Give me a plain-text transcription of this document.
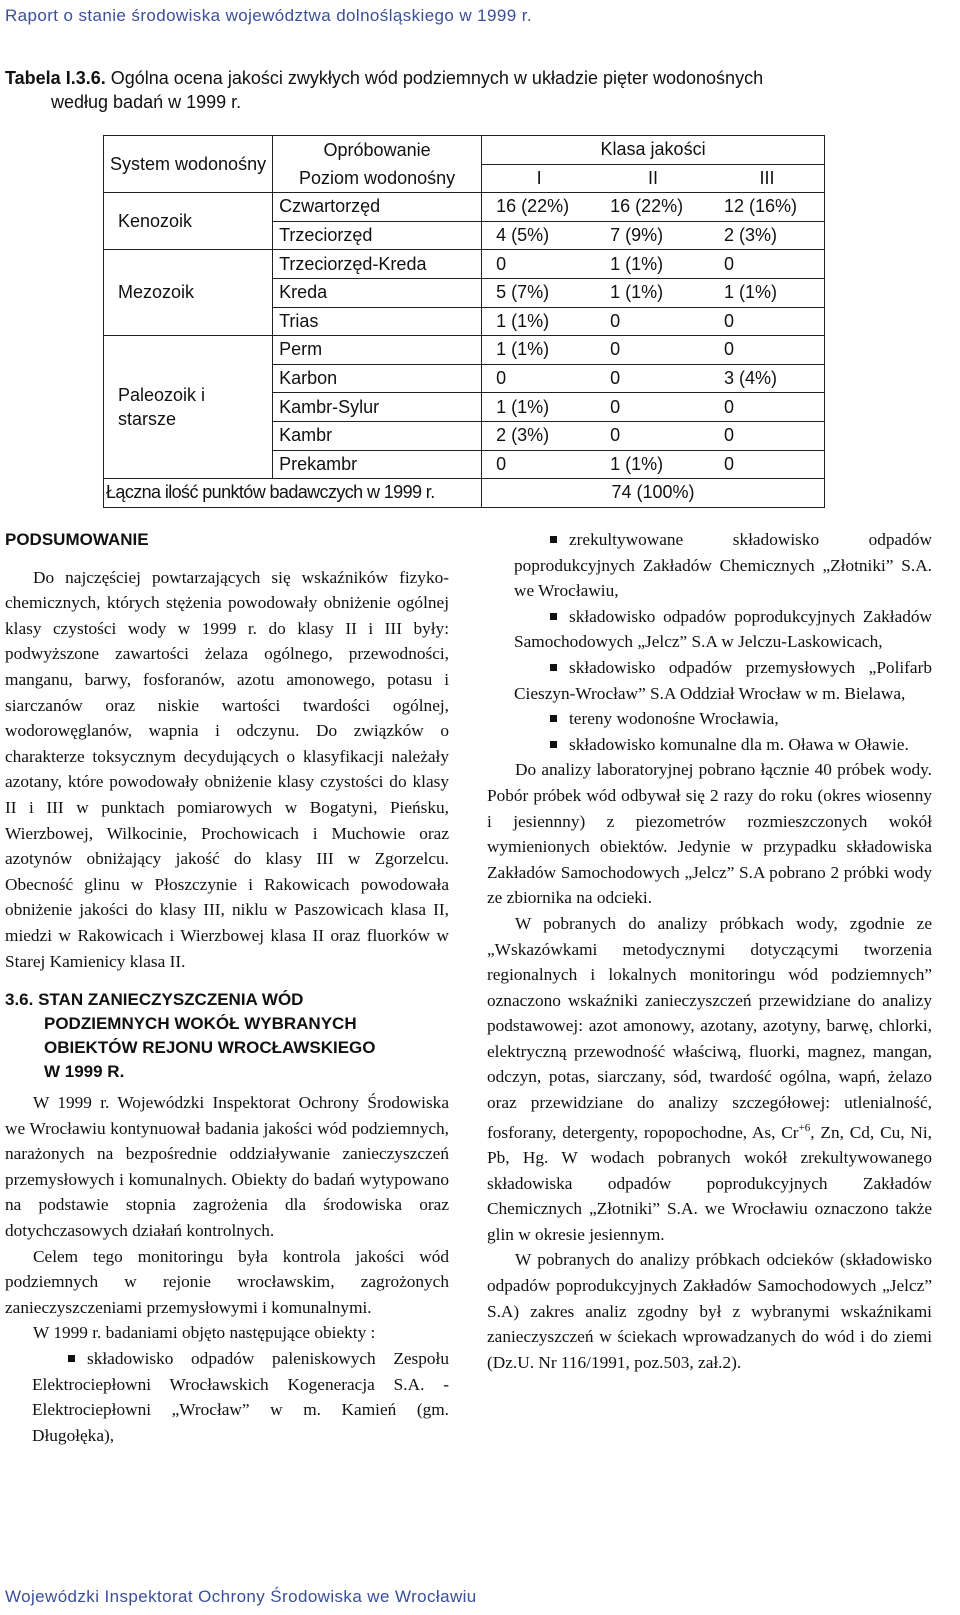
Raport o stanie środowiska województwa dolnośląskiego w 1999 r.
Tabela I.3.6. Ogólna ocena jakości zwykłych wód podziemnych w układzie pięter wodonośnych
według badań w 1999 r.
System wodonośny	Opróbowanie	Klasa jakości		
	Poziom wodonośny	I	II	III
Kenozoik	Czwartorzęd	16 (22%)	16 (22%)	12 (16%)
	Trzeciorzęd	4 (5%)	7 (9%)	2 (3%)
Mezozoik	Trzeciorzęd-Kreda	0	1 (1%)	0
	Kreda	5 (7%)	1 (1%)	1 (1%)
	Trias	1 (1%)	0	0
Paleozoik i starsze	Perm	1 (1%)	0	0
	Karbon	0	0	3 (4%)
	Kambr-Sylur	1 (1%)	0	0
	Kambr	2 (3%)	0	0
	Prekambr	0	1 (1%)	0
Łączna ilość punktów badawczych w 1999 r.		74 (100%)		

PODSUMOWANIE

Do najczęściej powtarzających się wskaźników fizyko-chemicznych, których stężenia powodowały obniżenie ogólnej klasy czystości wody w 1999 r. do klasy II i III były: podwyższone zawartości żelaza ogólnego, przewodności, manganu, barwy, fosforanów, azotu amonowego, potasu i siarczanów oraz niskie wartości twardości ogólnej, wodorowęglanów, wapnia i odczynu. Do związków o charakterze toksycznym decydujących o klasyfikacji należały azotany, które powodowały obniżenie klasy czystości do klasy II i III w punktach pomiarowych w Bogatyni, Pieńsku, Wierzbowej, Wilkocinie, Prochowicach i Muchowie oraz azotynów obniżający jakość do klasy III w Zgorzelcu. Obecność glinu w Płoszczynie i Rakowicach powodowała obniżenie jakości do klasy III, niklu w Paszowicach klasa II, miedzi w Rakowicach i Wierzbowej klasa II oraz fluorków w Starej Kamienicy klasa II.

3.6. STAN ZANIECZYSZCZENIA WÓD
PODZIEMNYCH WOKÓŁ WYBRANYCH
OBIEKTÓW REJONU WROCŁAWSKIEGO
W 1999 R.

W 1999 r. Wojewódzki Inspektorat Ochrony Środowiska we Wrocławiu kontynuował badania jakości wód podziemnych, narażonych na bezpośrednie oddziaływanie zanieczyszczeń przemysłowych i komunalnych. Obiekty do badań wytypowano na podstawie stopnia zagrożenia dla środowiska oraz dotychczasowych działań kontrolnych.

Celem tego monitoringu była kontrola jakości wód podziemnych w rejonie wrocławskim, zagrożonych zanieczyszczeniami przemysłowymi i komunalnymi.

W 1999 r. badaniami objęto następujące obiekty :

składowisko odpadów paleniskowych Zespołu Elektrociepłowni Wrocławskich Kogeneracja S.A. - Elektrociepłowni „Wrocław” w m. Kamień (gm. Długołęka),

zrekultywowane składowisko odpadów poprodukcyjnych Zakładów Chemicznych „Złotniki” S.A. we Wrocławiu,

składowisko odpadów poprodukcyjnych Zakładów Samochodowych „Jelcz” S.A w Jelczu-Laskowicach,

składowisko odpadów przemysłowych „Polifarb Cieszyn-Wrocław” S.A Oddział Wrocław w m. Bielawa,

tereny wodonośne Wrocławia,

składowisko komunalne dla m. Oława w Oławie.

Do analizy laboratoryjnej pobrano łącznie 40 próbek wody. Pobór próbek wód odbywał się 2 razy do roku (okres wiosenny i jesiennny) z piezometrów rozmieszczonych wokół wymienionych obiektów. Jedynie w przypadku składowiska Zakładów Samochodowych „Jelcz” S.A pobrano 2 próbki wody ze zbiornika na odcieki.

W pobranych do analizy próbkach wody, zgodnie ze „Wskazówkami metodycznymi dotyczącymi tworzenia regionalnych i lokalnych monitoringu wód podziemnych” oznaczono wskaźniki zanieczyszczeń przewidziane do analizy podstawowej: azot amonowy, azotany, azotyny, barwę, chlorki, elektryczną przewodność właściwą, fluorki, magnez, mangan, odczyn, potas, siarczany, sód, twardość ogólna, wapń, żelazo oraz przewidziane do analizy szczegółowej: utlenialność, fosforany, detergenty, ropopochodne, As, $Cr^{+6}$, Zn, Cd, Cu, Ni, Pb, Hg. W wodach pobranych wokół zrekultywowanego składowiska odpadów poprodukcyjnych Zakładów Chemicznych „Złotniki” S.A. we Wrocławiu oznaczono także glin w okresie jesiennym.

W pobranych do analizy próbkach odcieków (składowisko odpadów poprodukcyjnych Zakładów Samochodowych „Jelcz” S.A) zakres analiz zgodny był z wybranymi wskaźnikami zanieczyszczeń w ściekach wprowadzanych do wód i do ziemi (Dz.U. Nr 116/1991, poz.503, zał.2).

Wojewódzki Inspektorat Ochrony Środowiska we Wrocławiu
